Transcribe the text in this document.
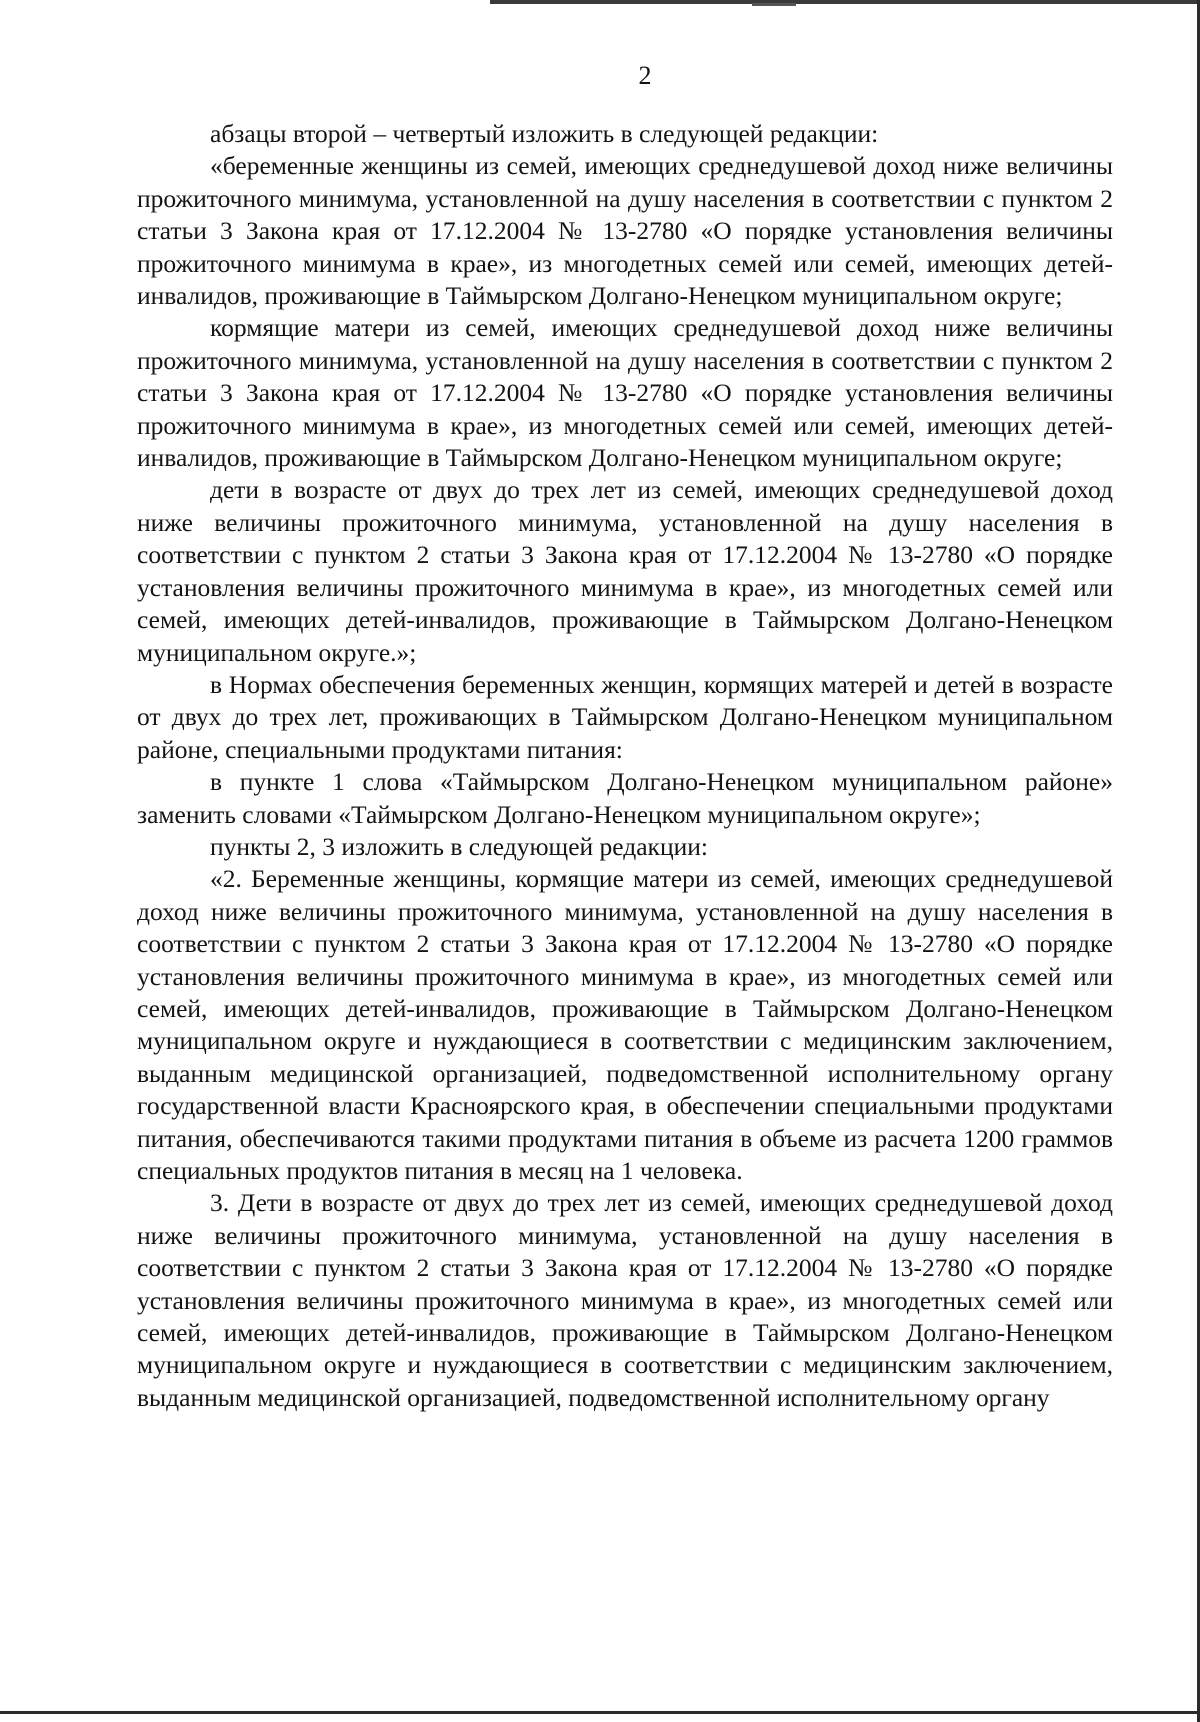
2

абзацы второй – четвертый изложить в следующей редакции:

«беременные женщины из семей, имеющих среднедушевой доход ниже величины прожиточного минимума, установленной на душу населения в соответствии с пунктом 2 статьи 3 Закона края от 17.12.2004 № 13-2780 «О порядке установления величины прожиточного минимума в крае», из многодетных семей или семей, имеющих детей-инвалидов, проживающие в Таймырском Долгано-Ненецком муниципальном округе;

кормящие матери из семей, имеющих среднедушевой доход ниже величины прожиточного минимума, установленной на душу населения в соответствии с пунктом 2 статьи 3 Закона края от 17.12.2004 № 13-2780 «О порядке установления величины прожиточного минимума в крае», из многодетных семей или семей, имеющих детей-инвалидов, проживающие в Таймырском Долгано-Ненецком муниципальном округе;

дети в возрасте от двух до трех лет из семей, имеющих среднедушевой доход ниже величины прожиточного минимума, установленной на душу населения в соответствии с пунктом 2 статьи 3 Закона края от 17.12.2004 № 13-2780 «О порядке установления величины прожиточного минимума в крае», из многодетных семей или семей, имеющих детей-инвалидов, проживающие в Таймырском Долгано-Ненецком муниципальном округе.»;

в Нормах обеспечения беременных женщин, кормящих матерей и детей в возрасте от двух до трех лет, проживающих в Таймырском Долгано-Ненецком муниципальном районе, специальными продуктами питания:

в пункте 1 слова «Таймырском Долгано-Ненецком муниципальном районе» заменить словами «Таймырском Долгано-Ненецком муниципальном округе»;

пункты 2, 3 изложить в следующей редакции:

«2. Беременные женщины, кормящие матери из семей, имеющих среднедушевой доход ниже величины прожиточного минимума, установленной на душу населения в соответствии с пунктом 2 статьи 3 Закона края от 17.12.2004 № 13-2780 «О порядке установления величины прожиточного минимума в крае», из многодетных семей или семей, имеющих детей-инвалидов, проживающие в Таймырском Долгано-Ненецком муниципальном округе и нуждающиеся в соответствии с медицинским заключением, выданным медицинской организацией, подведомственной исполнительному органу государственной власти Красноярского края, в обеспечении специальными продуктами питания, обеспечиваются такими продуктами питания в объеме из расчета 1200 граммов специальных продуктов питания в месяц на 1 человека.

3. Дети в возрасте от двух до трех лет из семей, имеющих среднедушевой доход ниже величины прожиточного минимума, установленной на душу населения в соответствии с пунктом 2 статьи 3 Закона края от 17.12.2004 № 13-2780 «О порядке установления величины прожиточного минимума в крае», из многодетных семей или семей, имеющих детей-инвалидов, проживающие в Таймырском Долгано-Ненецком муниципальном округе и нуждающиеся в соответствии с медицинским заключением, выданным медицинской организацией, подведомственной исполнительному органу
